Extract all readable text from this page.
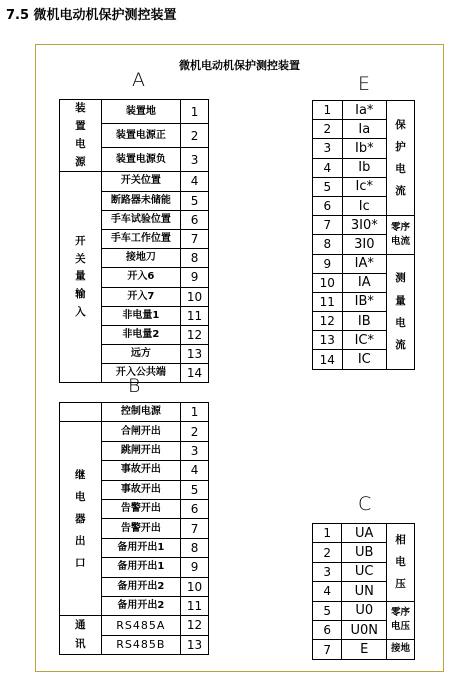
7.5 微机电动机保护测控装置
微机电动机保护测控装置
A
装置电源	装置地	1
	装置电源正	2
	装置电源负	3
开关量输入	开关位置	4
	断路器未储能	5
	手车试验位置	6
	手车工作位置	7
	接地刀	8
	开入6	9
	开入7	10
	非电量1	11
	非电量2	12
	远方	13
	开入公共端	14
B
	控制电源	1
继电器出口	合闸开出	2
	跳闸开出	3
	事故开出	4
	事故开出	5
	告警开出	6
	告警开出	7
	备用开出1	8
	备用开出1	9
	备用开出2	10
	备用开出2	11
通讯	RS485A	12
	RS485B	13
E
1	Ia*	保护电流
2	Ia	
3	Ib*	
4	Ib	
5	Ic*	
6	Ic	
7	3I0*	零序电流
8	3I0	
9	IA*	测量电流
10	IA	
11	IB*	
12	IB	
13	IC*	
14	IC	
C
1	UA	相电压
2	UB	
3	UC	
4	UN	
5	U0	零序电压
6	U0N	
7	E	接地
